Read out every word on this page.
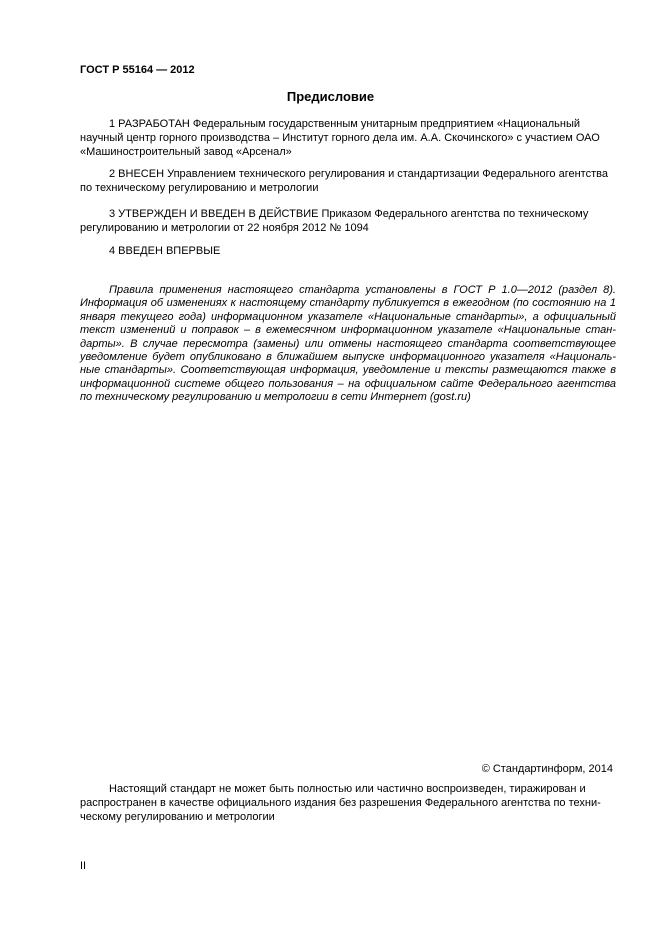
ГОСТ Р 55164 — 2012
Предисловие

1 РАЗРАБОТАН Федеральным государственным унитарным предприятием «Национальный научный центр горного производства – Институт горного дела им. А.А. Скочинского» с участием ОАО «Машиностроительный завод «Арсенал»

2 ВНЕСЕН Управлением технического регулирования и стандартизации Федерального агентства по техническому регулированию и метрологии

3 УТВЕРЖДЕН И ВВЕДЕН В ДЕЙСТВИЕ Приказом Федерального агентства по техническому регулированию и метрологии от 22 ноября 2012 № 1094

4 ВВЕДЕН ВПЕРВЫЕ

Правила применения настоящего стандарта установлены в ГОСТ Р 1.0—2012 (раздел 8). Информация об изменениях к настоящему стандарту публикуется в ежегодном (по состоянию на 1 января текущего года) информационном указателе «Национальные стандарты», а официальный текст изменений и поправок – в ежемесячном информационном указателе «Национальные стандарты». В случае пересмотра (замены) или отмены настоящего стандарта соответствующее уведомление будет опубликовано в ближайшем выпуске информационного указателя «Национальные стандарты». Соответствующая информация, уведомление и тексты размещаются также в информационной системе общего пользования – на официальном сайте Федерального агентства по техническому регулированию и метрологии в сети Интернет (gost.ru)

© Стандартинформ, 2014

Настоящий стандарт не может быть полностью или частично воспроизведен, тиражирован и распространен в качестве официального издания без разрешения Федерального агентства по техническому регулированию и метрологии

II
